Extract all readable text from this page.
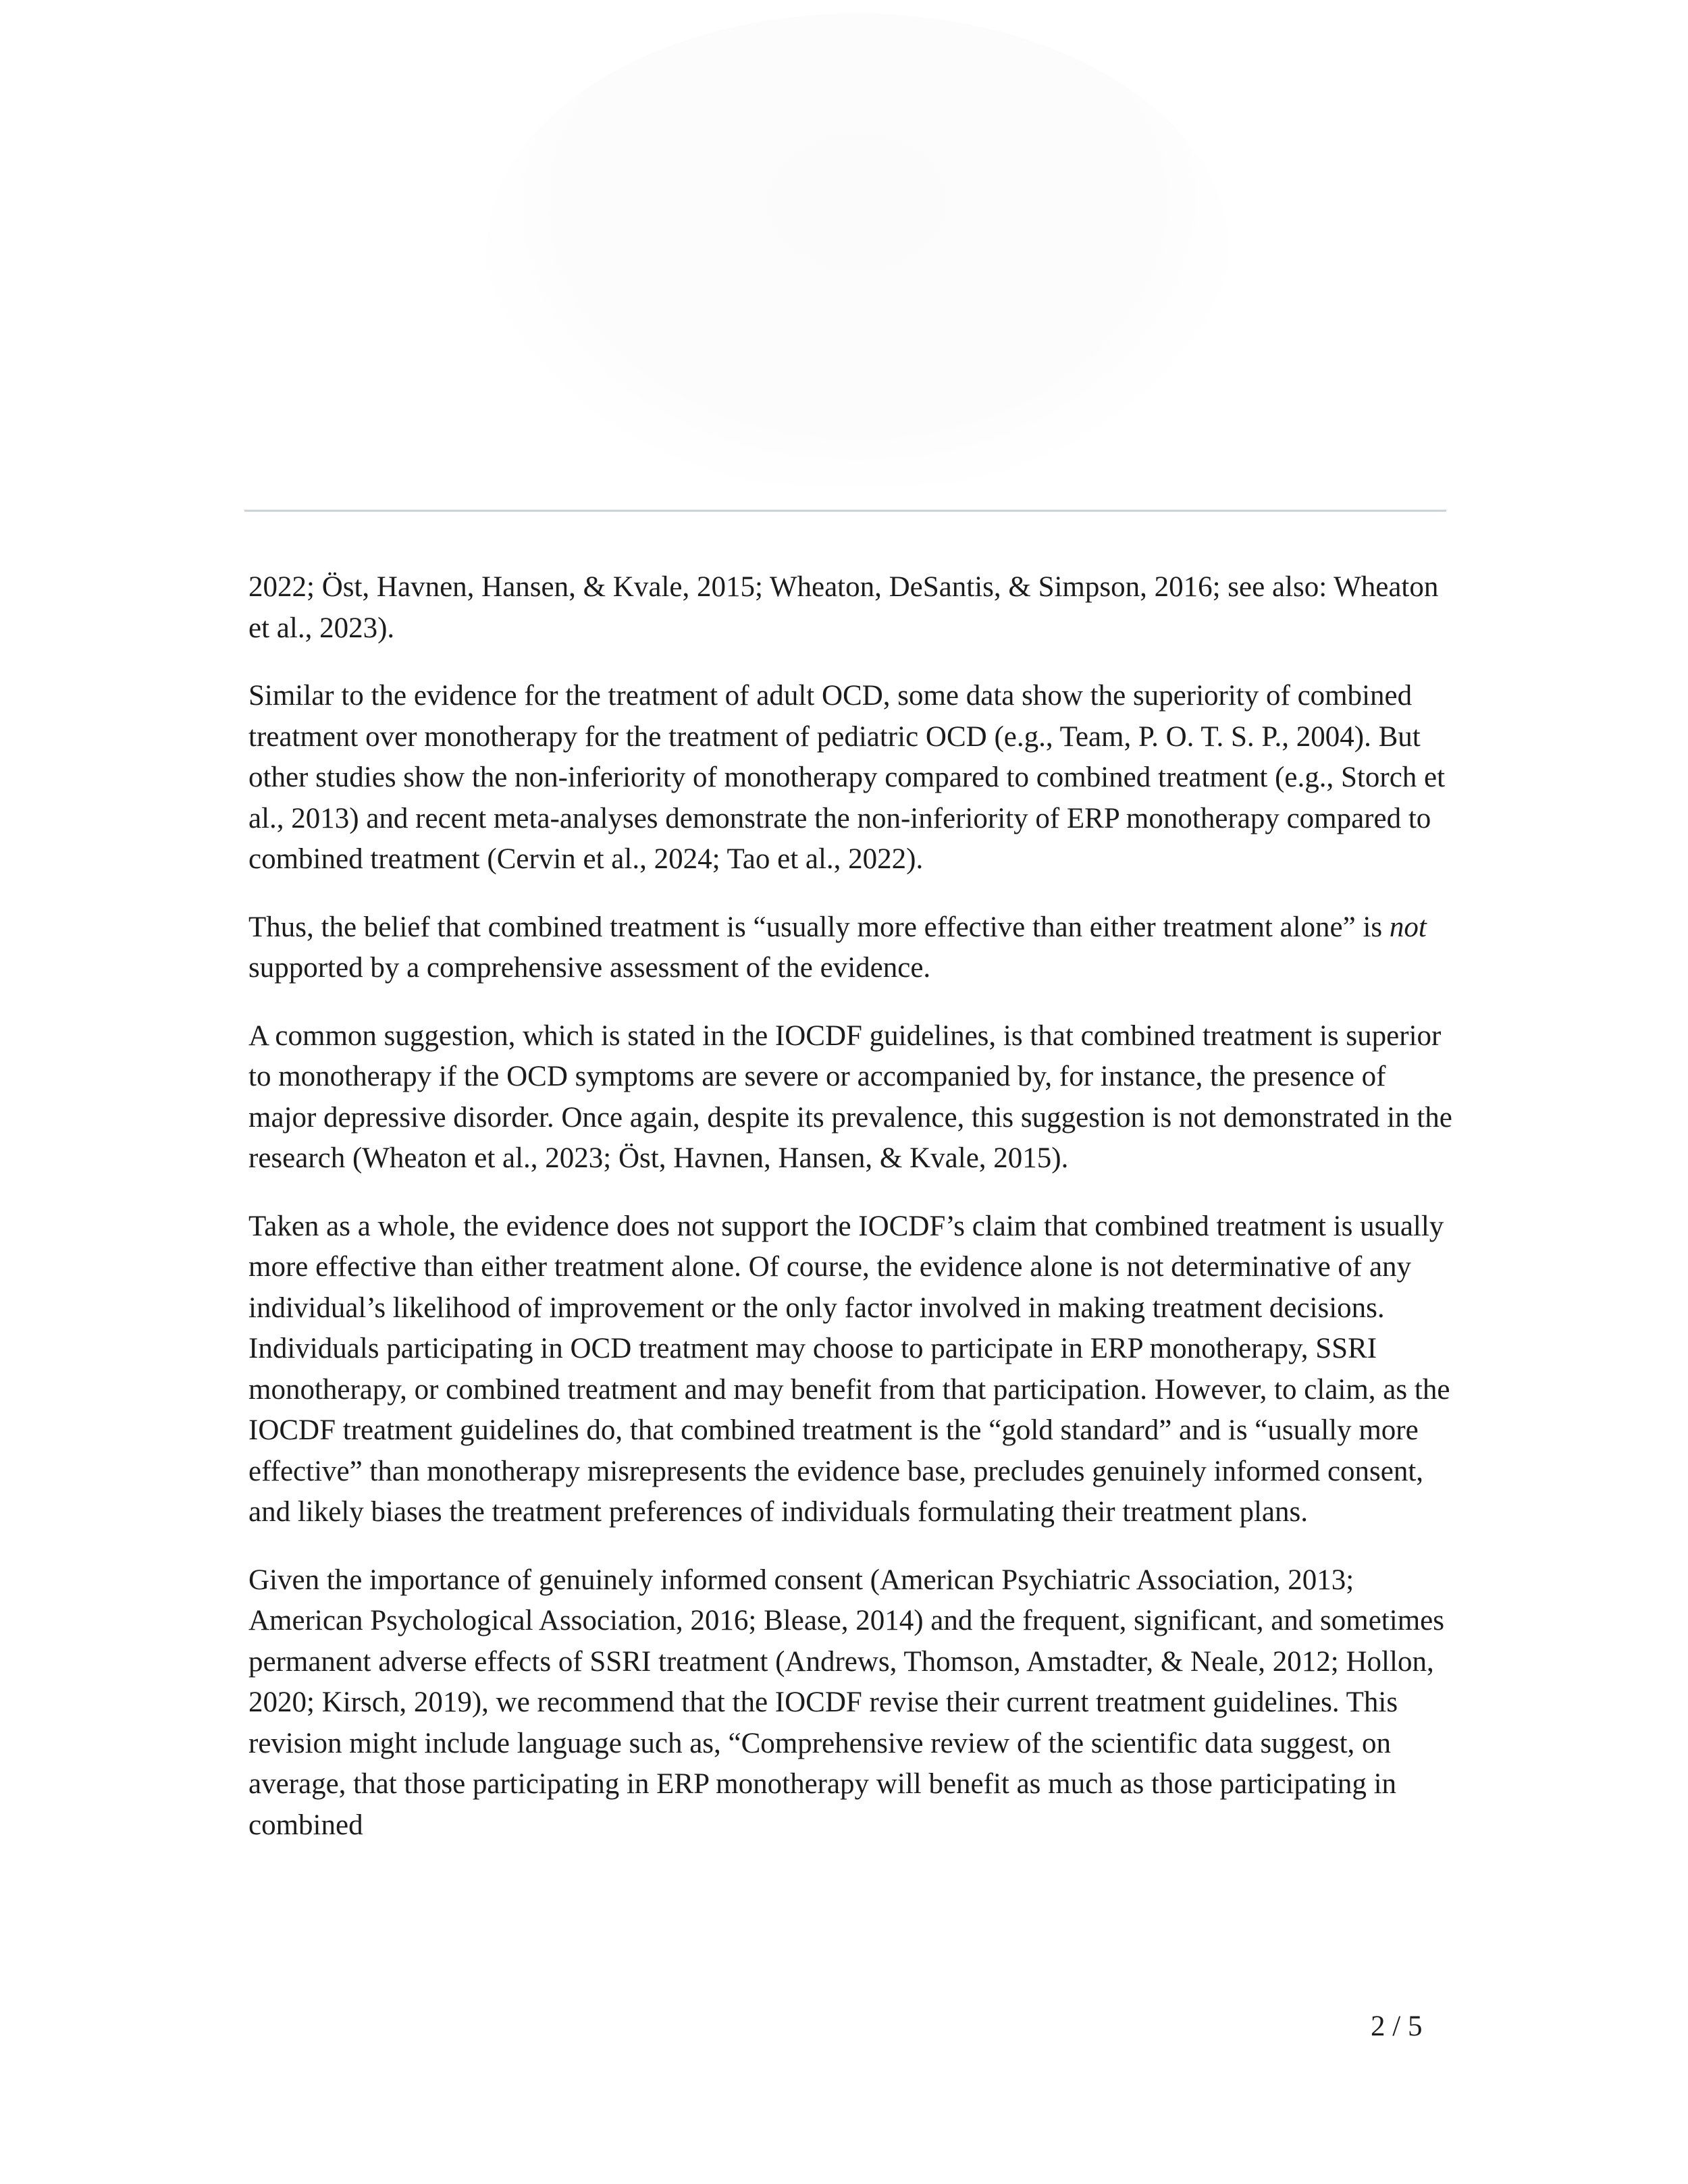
2022; Öst, Havnen, Hansen, & Kvale, 2015; Wheaton, DeSantis, & Simpson, 2016; see also: Wheaton et al., 2023).

Similar to the evidence for the treatment of adult OCD, some data show the superiority of combined treatment over monotherapy for the treatment of pediatric OCD (e.g., Team, P. O. T. S. P., 2004). But other studies show the non-inferiority of monotherapy compared to combined treatment (e.g., Storch et al., 2013) and recent meta-analyses demonstrate the non-inferiority of ERP monotherapy compared to combined treatment (Cervin et al., 2024; Tao et al., 2022).

Thus, the belief that combined treatment is “usually more effective than either treatment alone” is not supported by a comprehensive assessment of the evidence.

A common suggestion, which is stated in the IOCDF guidelines, is that combined treatment is superior to monotherapy if the OCD symptoms are severe or accompanied by, for instance, the presence of major depressive disorder. Once again, despite its prevalence, this suggestion is not demonstrated in the research (Wheaton et al., 2023; Öst, Havnen, Hansen, & Kvale, 2015).

Taken as a whole, the evidence does not support the IOCDF’s claim that combined treatment is usually more effective than either treatment alone. Of course, the evidence alone is not determinative of any individual’s likelihood of improvement or the only factor involved in making treatment decisions. Individuals participating in OCD treatment may choose to participate in ERP monotherapy, SSRI monotherapy, or combined treatment and may benefit from that participation. However, to claim, as the IOCDF treatment guidelines do, that combined treatment is the “gold standard” and is “usually more effective” than monotherapy misrepresents the evidence base, precludes genuinely informed consent, and likely biases the treatment preferences of individuals formulating their treatment plans.

Given the importance of genuinely informed consent (American Psychiatric Association, 2013; American Psychological Association, 2016; Blease, 2014) and the frequent, significant, and sometimes permanent adverse effects of SSRI treatment (Andrews, Thomson, Amstadter, & Neale, 2012; Hollon, 2020; Kirsch, 2019), we recommend that the IOCDF revise their current treatment guidelines. This revision might include language such as, “Comprehensive review of the scientific data suggest, on average, that those participating in ERP monotherapy will benefit as much as those participating in combined

2 / 5
